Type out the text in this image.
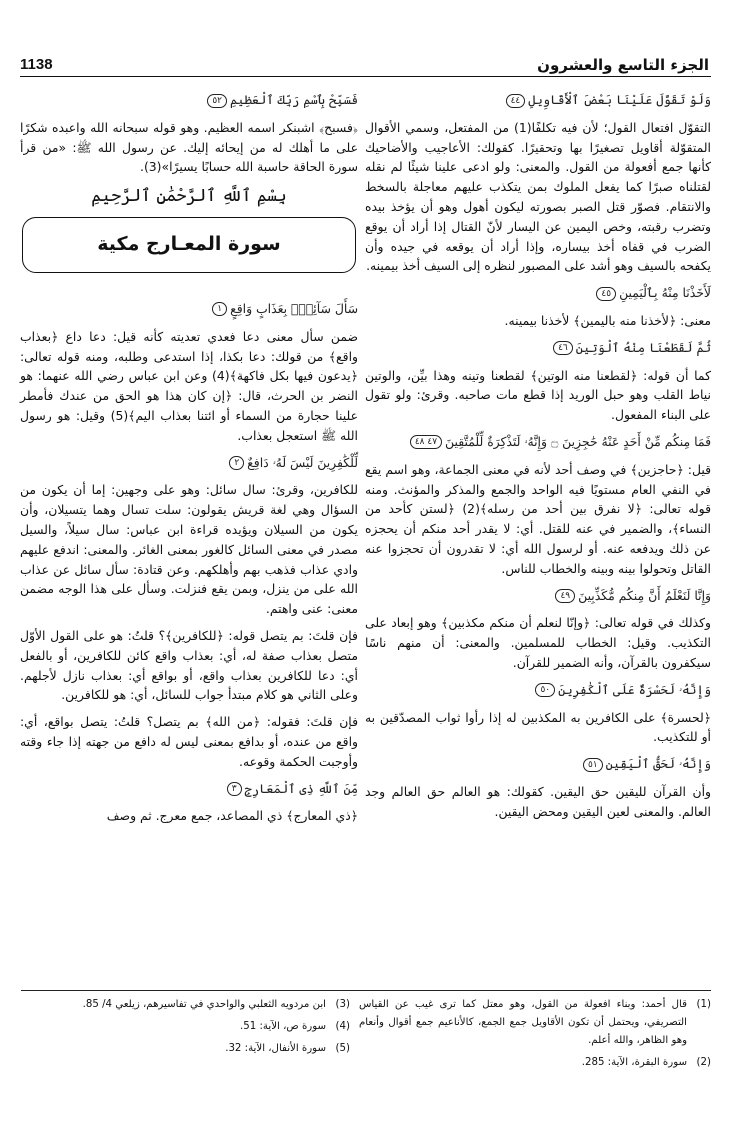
1138	الجزء التاسع والعشرون
وَلَوْ تَقَوَّلَ عَلَيْنَا بَعْضَ ٱلْأَقَاوِيلِ٤٤

التقوّل افتعال القول؛ لأن فيه تكلفًا(1) من المفتعل، وسمي الأقوال المتقوّلة أقاويل تصغيرًا بها وتحقيرًا. كقولك: الأعاجيب والأضاحيك كأنها جمع أفعولة من القول. والمعنى: ولو ادعى علينا شيئًا لم نقله لقتلناه صبرًا كما يفعل الملوك بمن يتكذب عليهم معاجلة بالسخط والانتقام. فصوّر قتل الصبر بصورته ليكون أهول وهو أن يؤخذ بيده وتضرب رقبته، وخص اليمين عن اليسار لأنّ القتال إذا أراد أن يوقع الضرب في قفاه أخذ بيساره، وإذا أراد أن يوقعه في جيده وأن يكفحه بالسيف وهو أشد على المصبور لنظره إلى السيف أخذ بيمينه.

لَأَخَذْنَا مِنْهُ بِٱلْيَمِينِ٤٥

معنى: ﴿لأخذنا منه باليمين﴾ لأخذنا بيمينه.

ثُمَّ لَقَطَعْنَا مِنْهُ ٱلْوَتِينَ٤٦

كما أن قوله: ﴿لقطعنا منه الوتين﴾ لقطعنا وتينه وهذا بيِّن، والوتين نياط القلب وهو حبل الوريد إذا قطع مات صاحبه. وقرئ: ولو تقول على البناء المفعول.

فَمَا مِنكُم مِّنْ أَحَدٍ عَنْهُ حَٰجِزِينَ ۝ وَإِنَّهُۥ لَتَذْكِرَةٌ لِّلْمُتَّقِينَ٤٧ ٤٨

قيل: ﴿حاجزين﴾ في وصف أحد لأنه في معنى الجماعة، وهو اسم يقع في النفي العام مستويًا فيه الواحد والجمع والمذكر والمؤنث. ومنه قوله تعالى: ﴿لا نفرق بين أحد من رسله﴾(2) ﴿لستن كأحد من النساء﴾، والضمير في عنه للقتل. أي: لا يقدر أحد منكم أن يحجزه عن ذلك ويدفعه عنه. أو لرسول الله أي: لا تقدرون أن تحجزوا عنه القاتل وتحولوا بينه وبينه والخطاب للناس.

وَإِنَّا لَنَعْلَمُ أَنَّ مِنكُم مُّكَذِّبِينَ٤٩

وكذلك في قوله تعالى: ﴿وإنّا لنعلم أن منكم مكذبين﴾ وهو إبعاد على التكذيب. وقيل: الخطاب للمسلمين. والمعنى: أن منهم ناسًا سيكفرون بالقرآن، وأنه الضمير للقرآن.

وَإِنَّهُۥ لَحَسْرَةٌ عَلَى ٱلْكَٰفِرِينَ٥٠

﴿لحسرة﴾ على الكافرين به المكذبين له إذا رأوا ثواب المصدّقين به أو للتكذيب.

وَإِنَّهُۥ لَحَقُّ ٱلْيَقِينِ٥١

وأن القرآن لليقين حق اليقين. كقولك: هو العالم حق العالم وجد العالم. والمعنى لعين اليقين ومحض اليقين.

فَسَبِّحْ بِٱسْمِ رَبِّكَ ٱلْعَظِيمِ٥٢

﴿فسبح﴾ اشبنكر اسمه العظيم. وهو قوله سبحانه الله واعبده شكرًا على ما أهلك له من إيحائه إليك. عن رسول الله ﷺ: «من قرأ سورة الحاقة حاسبة الله حسابًا يسيرًا»(3).

بِسْمِ ٱللَّهِ ٱلرَّحْمَٰنِ ٱلرَّحِيمِ
سورة المعـارج مكية
سَأَلَ سَآئِلٌۢ بِعَذَابٍ وَاقِعٍ١

ضمن سأل معنى دعا فعدي تعديته كأنه قيل: دعا داع ﴿بعذاب واقع﴾ من قولك: دعا بكذا، إذا استدعى وطلبه، ومنه قوله تعالى: ﴿يدعون فيها بكل فاكهة﴾(4) وعن ابن عباس رضي الله عنهما: هو النضر بن الحرث، قال: ﴿إن كان هذا هو الحق من عندك فأمطر علينا حجارة من السماء أو ائتنا بعذاب اليم﴾(5) وقيل: هو رسول الله ﷺ استعجل بعذاب.

لِّلْكَٰفِرِينَ لَيْسَ لَهُۥ دَافِعٌ٢

للكافرين، وقرئ: سال سائل: وهو على وجهين: إما أن يكون من السؤال وهي لغة قريش يقولون: سلت تسال وهما يتسيلان، وأن يكون من السيلان ويؤيده قراءة ابن عباس: سال سيلاً، والسيل مصدر في معنى السائل كالغور بمعنى الغائر. والمعنى: اندفع عليهم وادي عذاب فذهب بهم وأهلكهم. وعن قتادة: سأل سائل عن عذاب الله على من ينزل، وبمن يقع فنزلت. وسأل على هذا الوجه مضمن معنى: عنى واهتم.

فإن قلتَ: بم يتصل قوله: ﴿للكافرين﴾؟ قلتُ: هو على القول الأوّل متصل بعذاب صفة له، أي: بعذاب واقع كائن للكافرين، أو بالفعل أي: دعا للكافرين بعذاب واقع، أو بواقع أي: بعذاب نازل لأجلهم. وعلى الثاني هو كلام مبتدأ جواب للسائل، أي: هو للكافرين.

فإن قلتَ: فقوله: ﴿من الله﴾ بم يتصل؟ قلتُ: يتصل بواقع، أي: واقع من عنده، أو بدافع بمعنى ليس له دافع من جهته إذا جاء وقته وأوجبت الحكمة وقوعه.

مِّنَ ٱللَّهِ ذِى ٱلْمَعَارِجِ٣

﴿ذي المعارج﴾ ذي المصاعد، جمع معرج. ثم وصف

(1)
قال أحمد: وبناء افعولة من القول، وهو معتل كما ترى غيب عن القياس التصريفي، ويحتمل أن تكون الأقاويل جمع الجمع، كالأناعيم جمع أقوال وأنعام وهو الظاهر، والله أعلم.
(2)
سورة البقرة، الآية: 285.
(3)
ابن مردويه الثعلبي والواحدي في تفاسيرهم، زيلعي 4/ 85.
(4)
سورة ص، الآية: 51.
(5)
سورة الأنفال، الآية: 32.
